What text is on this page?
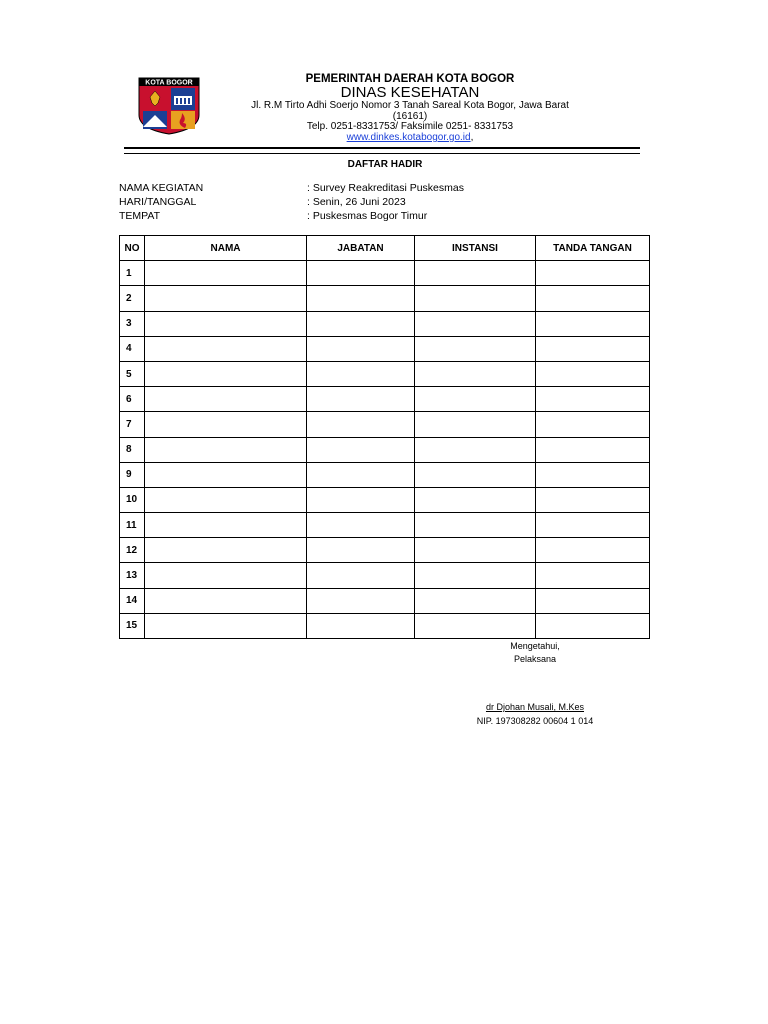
KOTA BOGOR	PEMERINTAH DAERAH KOTA BOGOR
DINAS KESEHATAN
Jl. R.M Tirto Adhi Soerjo Nomor 3 Tanah Sareal Kota Bogor, Jawa Barat
(16161)
Telp. 0251-8331753/ Faksimile 0251- 8331753
www.dinkes.kotabogor.go.id,
DAFTAR HADIR
NAMA KEGIATAN	: Survey Reakreditasi Puskesmas
HARI/TANGGAL	: Senin, 26 Juni 2023
TEMPAT	: Puskesmas Bogor Timur
NO	NAMA	JABATAN	INSTANSI	TANDA TANGAN
1				
2				
3				
4				
5				
6				
7				
8				
9				
10				
11				
12				
13				
14				
15				
Mengetahui,
Pelaksana
dr Djohan Musali, M.Kes
NIP. 197308282 00604 1 014
